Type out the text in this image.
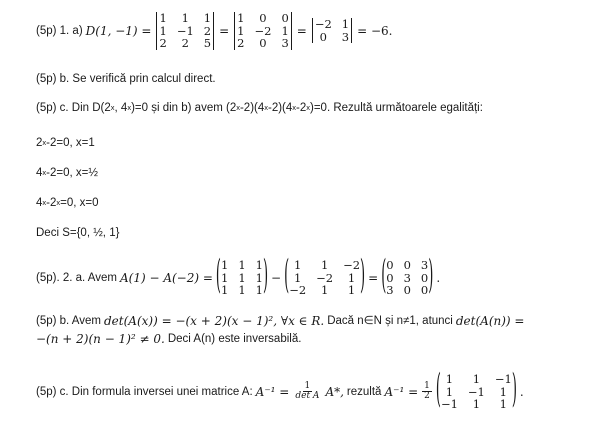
(5p) 1. a) D(1, −1) =
1	1	1
1 −1 2
2	2	5
=
1	0	0
1 −2 1
2	0	3
= −2 1
0	3 = −6.
(5p) b. Se verifică prin calcul direct.
(5p) c. Din D(2 x , 4 x )=0 și din b) avem (2 x -2)(4 x -2)(4 x -2 x )=0. Rezultă următoarele egalități:
2 x -2=0, x=1
4 x -2=0, x=½
4 x -2 x =0, x=0
Deci S={0, ½, 1}
(5p). 2. a. Avem A(1) − A(−2) = ( 1 1 1
1 1 1
1 1 1 ) − ( 1	1	−2
1	−2	1
−2	1	1 ) = ( 0 0 3
0 3 0
3 0 0 ) .
(5p) b. Avem det(A(x)) = −(x + 2)(x − 1)², ∀x ∈ R. Dacă n∈N și n≠1, atunci det(A(n)) =
−(n + 2)(n − 1)² ≠ 0. Deci A(n) este inversabilă.
(5p) c. Din formula inversei unei matrice A: $A^{-1} = \frac{1}{\text{det A}} A*$, rezultă $A^{-1} = \frac{1}{2}$ ( 1	1	−1
1	−1	1
−1	1	1 ) .
